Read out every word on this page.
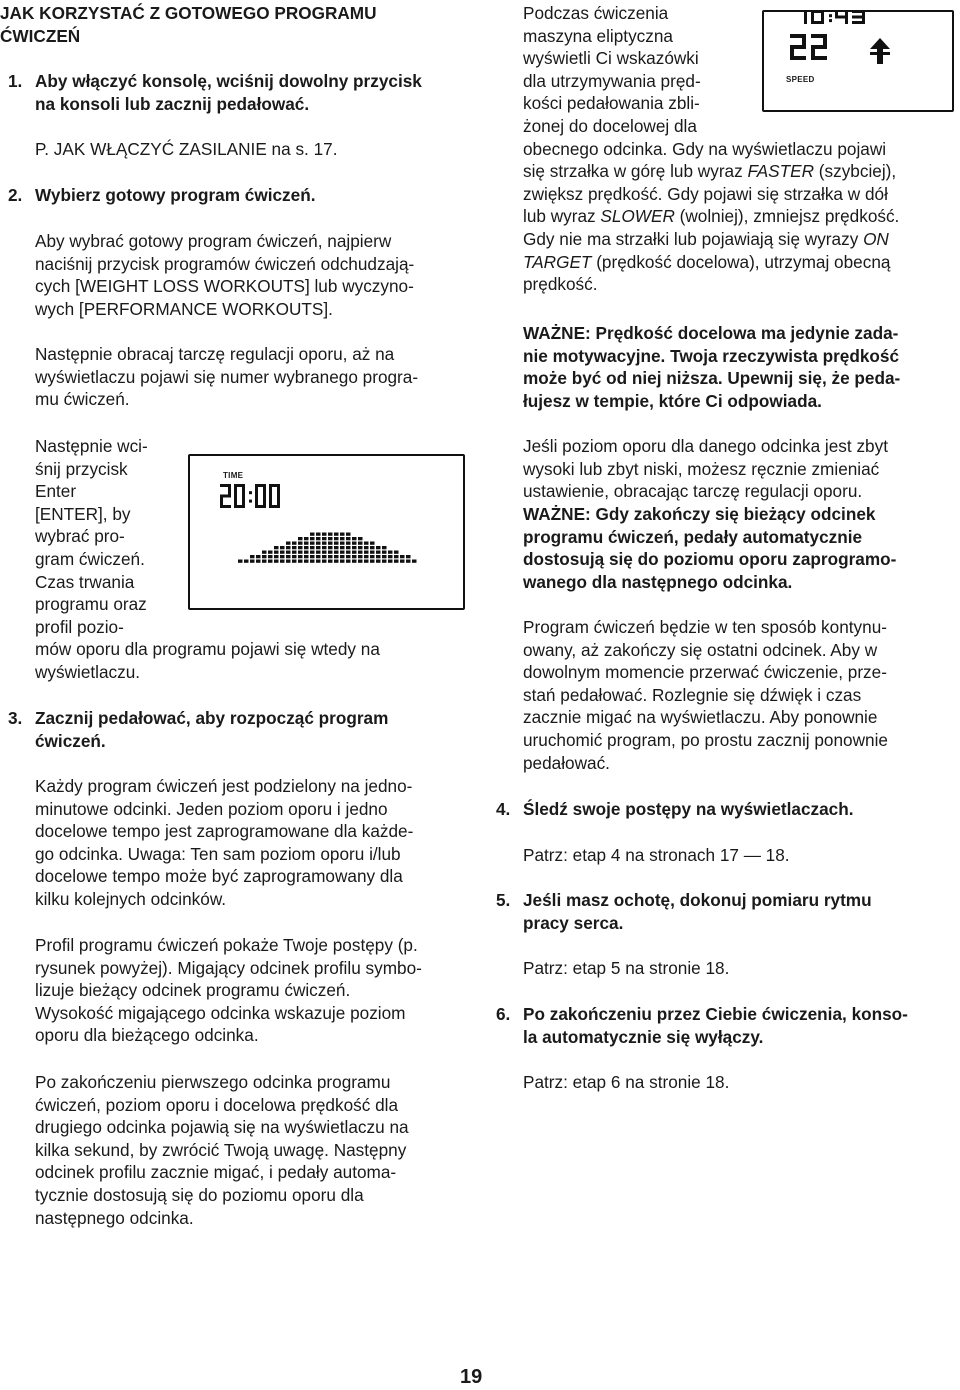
JAK KORZYSTAĆ Z GOTOWEGO PROGRAMU
ĆWICZEŃ
1. Aby włączyć konsolę, wciśnij dowolny przycisk
na konsoli lub zacznij pedałować.
P. JAK WŁĄCZYĆ ZASILANIE na s. 17.
2. Wybierz gotowy program ćwiczeń.
Aby wybrać gotowy program ćwiczeń, najpierw
naciśnij przycisk programów ćwiczeń odchudzają-
cych [WEIGHT LOSS WORKOUTS] lub wyczyno-
wych [PERFORMANCE WORKOUTS].
Następnie obracaj tarczę regulacji oporu, aż na
wyświetlaczu pojawi się numer wybranego progra-
mu ćwiczeń.
Następnie wci-
śnij przycisk
Enter
[ENTER], by
wybrać pro-
gram ćwiczeń.
Czas trwania
programu oraz
profil pozio-
mów oporu dla programu pojawi się wtedy na
wyświetlaczu.
TIME
3. Zacznij pedałować, aby rozpocząć program
ćwiczeń.
Każdy program ćwiczeń jest podzielony na jedno-
minutowe odcinki. Jeden poziom oporu i jedno
docelowe tempo jest zaprogramowane dla każde-
go odcinka. Uwaga: Ten sam poziom oporu i/lub
docelowe tempo może być zaprogramowany dla
kilku kolejnych odcinków.
Profil programu ćwiczeń pokaże Twoje postępy (p.
rysunek powyżej). Migający odcinek profilu symbo-
lizuje bieżący odcinek programu ćwiczeń.
Wysokość migającego odcinka wskazuje poziom
oporu dla bieżącego odcinka.
Po zakończeniu pierwszego odcinka programu
ćwiczeń, poziom oporu i docelowa prędkość dla
drugiego odcinka pojawią się na wyświetlaczu na
kilka sekund, by zwrócić Twoją uwagę. Następny
odcinek profilu zacznie migać, i pedały automa-
tycznie dostosują się do poziomu oporu dla
następnego odcinka.
Podczas ćwiczenia
maszyna eliptyczna
wyświetli Ci wskazówki
dla utrzymywania pręd-
kości pedałowania zbli-
żonej do docelowej dla
obecnego odcinka. Gdy na wyświetlaczu pojawi
się strzałka w górę lub wyraz FASTER (szybciej),
zwiększ prędkość. Gdy pojawi się strzałka w dół
lub wyraz SLOWER (wolniej), zmniejsz prędkość.
Gdy nie ma strzałki lub pojawiają się wyrazy ON
TARGET (prędkość docelowa), utrzymaj obecną
prędkość.
SPEED
WAŻNE: Prędkość docelowa ma jedynie zada-
nie motywacyjne. Twoja rzeczywista prędkość
może być od niej niższa. Upewnij się, że peda-
łujesz w tempie, które Ci odpowiada.
Jeśli poziom oporu dla danego odcinka jest zbyt
wysoki lub zbyt niski, możesz ręcznie zmieniać
ustawienie, obracając tarczę regulacji oporu.
WAŻNE: Gdy zakończy się bieżący odcinek
programu ćwiczeń, pedały automatycznie
dostosują się do poziomu oporu zaprogramo-
wanego dla następnego odcinka.
Program ćwiczeń będzie w ten sposób kontynu-
owany, aż zakończy się ostatni odcinek. Aby w
dowolnym momencie przerwać ćwiczenie, prze-
stań pedałować. Rozlegnie się dźwięk i czas
zacznie migać na wyświetlaczu. Aby ponownie
uruchomić program, po prostu zacznij ponownie
pedałować.
4. Śledź swoje postępy na wyświetlaczach.
Patrz: etap 4 na stronach 17 — 18.
5. Jeśli masz ochotę, dokonuj pomiaru rytmu
pracy serca.
Patrz: etap 5 na stronie 18.
6. Po zakończeniu przez Ciebie ćwiczenia, konso-
la automatycznie się wyłączy.
Patrz: etap 6 na stronie 18.
19
